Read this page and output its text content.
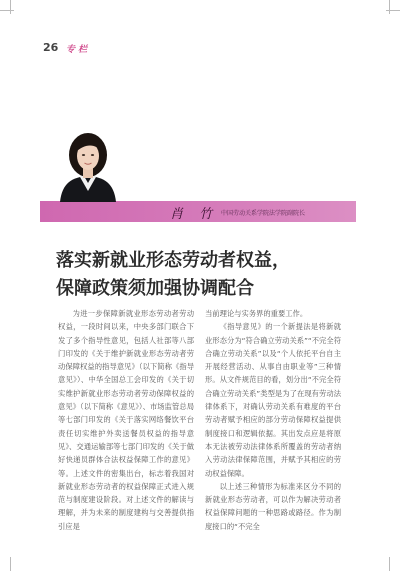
26 专 栏
肖 竹 中国劳动关系学院法学院副院长
落实新就业形态劳动者权益，
保障政策须加强协调配合

为进一步保障新就业形态劳动者劳动权益，一段时间以来，中央多部门联合下发了多个指导性意见，包括人社部等八部门印发的《关于维护新就业形态劳动者劳动保障权益的指导意见》（以下简称《指导意见》）、中华全国总工会印发的《关于切实维护新就业形态劳动者劳动保障权益的意见》（以下简称《意见》）、市场监管总局等七部门印发的《关于落实网络餐饮平台责任切实维护外卖送餐员权益的指导意见》、交通运输部等七部门印发的《关于做好快递员群体合法权益保障工作的意见》等。上述文件的密集出台，标志着我国对新就业形态劳动者的权益保障正式进入规范与制度建设阶段。对上述文件的解读与理解，并为未来的制度建构与交善提供指引应是

当前理论与实务界的重要工作。

《指导意见》的一个新提法是将新就业形态分为“符合确立劳动关系”“不完全符合确立劳动关系”以及“个人依托平台自主开展经营活动、从事自由职业等”三种情形。从文件规范目的看，划分出“不完全符合确立劳动关系”类型是为了在现有劳动法律体系下，对确认劳动关系有难度的平台劳动者赋予相应的部分劳动保障权益提供制度接口和逻辑依据。其出发点应是将原本无法被劳动法律体系所覆盖的劳动者纳入劳动法律保障范围，并赋予其相应的劳动权益保障。

以上述三种情形为标准来区分不同的新就业形态劳动者，可以作为解决劳动者权益保障问题的一种思路或路径。作为制度接口的“不完全
